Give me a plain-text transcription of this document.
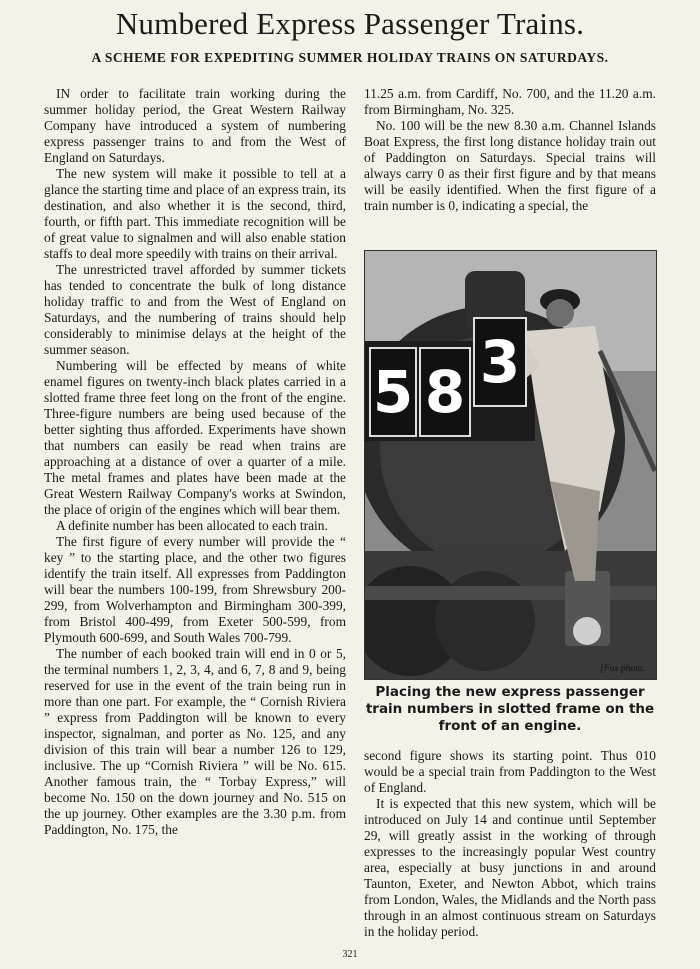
Numbered Express Passenger Trains.
A SCHEME FOR EXPEDITING SUMMER HOLIDAY TRAINS ON SATURDAYS.

IN order to facilitate train working during the summer holiday period, the Great Western Railway Company have introduced a system of numbering express passenger trains to and from the West of England on Saturdays.

The new system will make it possible to tell at a glance the starting time and place of an express train, its destination, and also whether it is the second, third, fourth, or fifth part. This immediate recognition will be of great value to signalmen and will also enable station staffs to deal more speedily with trains on their arrival.

The unrestricted travel afforded by summer tickets has tended to concentrate the bulk of long distance holiday traffic to and from the West of England on Saturdays, and the numbering of trains should help considerably to minimise delays at the height of the summer season.

Numbering will be effected by means of white enamel figures on twenty-inch black plates carried in a slotted frame three feet long on the front of the engine. Three-figure numbers are being used because of the better sighting thus afforded. Experiments have shown that numbers can easily be read when trains are approaching at a distance of over a quarter of a mile. The metal frames and plates have been made at the Great Western Railway Company's works at Swindon, the place of origin of the engines which will bear them.

A definite number has been allocated to each train.

The first figure of every number will provide the “ key ” to the starting place, and the other two figures identify the train itself. All expresses from Paddington will bear the numbers 100-199, from Shrewsbury 200-299, from Wolverhampton and Birmingham 300-399, from Bristol 400-499, from Exeter 500-599, from Plymouth 600-699, and South Wales 700-799.

The number of each booked train will end in 0 or 5, the terminal numbers 1, 2, 3, 4, and 6, 7, 8 and 9, being reserved for use in the event of the train being run in more than one part. For example, the “ Cornish Riviera ” express from Paddington will be known to every inspector, signalman, and porter as No. 125, and any division of this train will bear a number 126 to 129, inclusive. The up “Cornish Riviera ” will be No. 615. Another famous train, the “ Torbay Express,” will become No. 150 on the down journey and No. 515 on the up journey. Other examples are the 3.30 p.m. from Paddington, No. 175, the

11.25 a.m. from Cardiff, No. 700, and the 11.20 a.m. from Birmingham, No. 325.

No. 100 will be the new 8.30 a.m. Channel Islands Boat Express, the first long distance holiday train out of Paddington on Saturdays. Special trains will always carry 0 as their first figure and by that means will be easily identified. When the first figure of a train number is 0, indicating a special, the

5 8 3
[Fox photo.
Placing the new express passenger train numbers in slotted frame on the front of an engine.

second figure shows its starting point. Thus 010 would be a special train from Paddington to the West of England.

It is expected that this new system, which will be introduced on July 14 and continue until September 29, will greatly assist in the working of through expresses to the increasingly popular West country area, especially at busy junctions in and around Taunton, Exeter, and Newton Abbot, which trains from London, Wales, the Midlands and the North pass through in an almost continuous stream on Saturdays in the holiday period.

321
